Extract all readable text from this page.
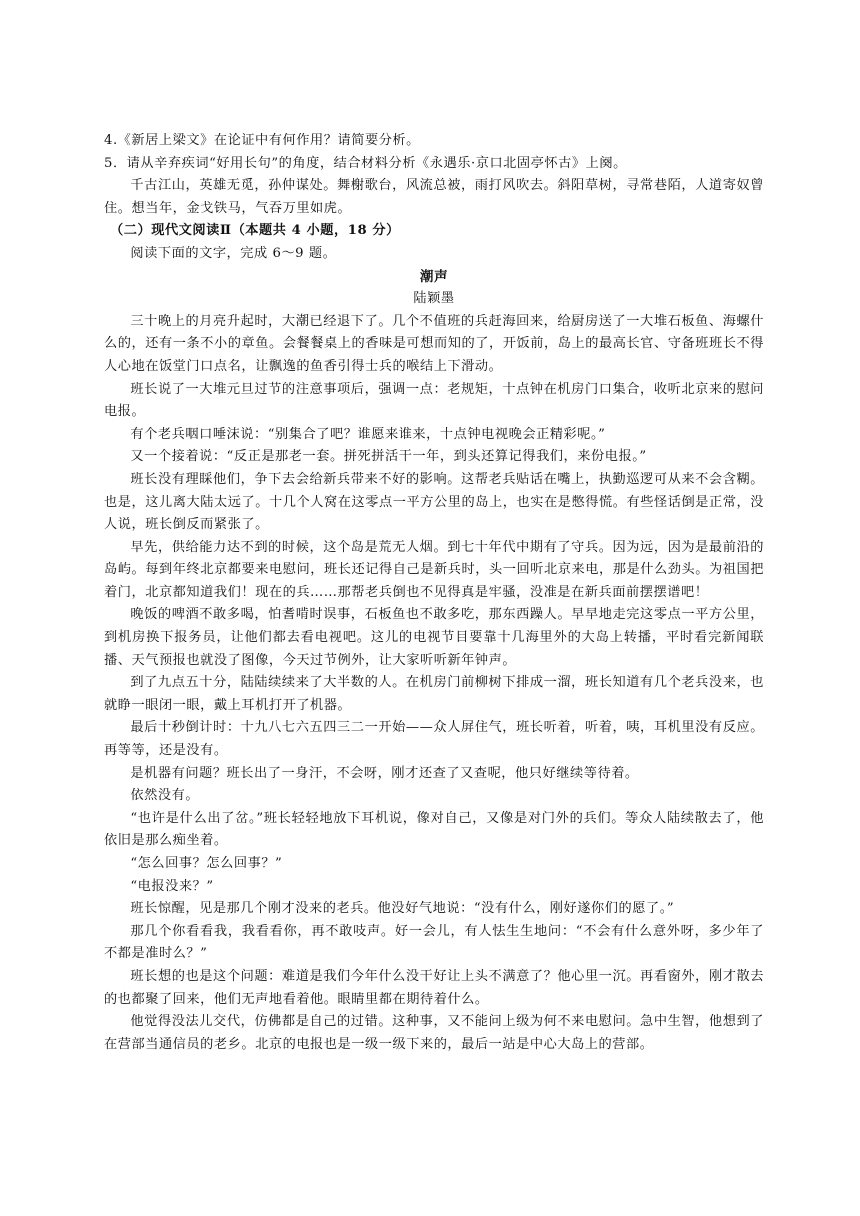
4.《新居上梁文》在论证中有何作用？请简要分析。

5．请从辛弃疾词“好用长句”的角度，结合材料分析《永遇乐·京口北固亭怀古》上阕。

千古江山，英雄无觅，孙仲谋处。舞榭歌台，风流总被，雨打风吹去。斜阳草树，寻常巷陌，人道寄奴曾住。想当年，金戈铁马，气吞万里如虎。

（二）现代文阅读Ⅱ（本题共 4 小题，18 分）

阅读下面的文字，完成 6～9 题。

潮声

陆颖墨

三十晚上的月亮升起时，大潮已经退下了。几个不值班的兵赶海回来，给厨房送了一大堆石板鱼、海螺什么的，还有一条不小的章鱼。会餐餐桌上的香味是可想而知的了，开饭前，岛上的最高长官、守备班班长不得人心地在饭堂门口点名，让飘逸的鱼香引得士兵的喉结上下滑动。

班长说了一大堆元旦过节的注意事项后，强调一点：老规矩，十点钟在机房门口集合，收听北京来的慰问电报。

有个老兵咽口唾沫说：“别集合了吧？谁愿来谁来，十点钟电视晚会正精彩呢。”

又一个接着说：“反正是那老一套。拼死拼活干一年，到头还算记得我们，来份电报。”

班长没有理睬他们，争下去会给新兵带来不好的影响。这帮老兵贴话在嘴上，执勤巡逻可从来不会含糊。也是，这儿离大陆太远了。十几个人窝在这零点一平方公里的岛上，也实在是憋得慌。有些怪话倒是正常，没人说，班长倒反而紧张了。

早先，供给能力达不到的时候，这个岛是荒无人烟。到七十年代中期有了守兵。因为远，因为是最前沿的岛屿。每到年终北京都要来电慰问，班长还记得自己是新兵时，头一回听北京来电，那是什么劲头。为祖国把着门，北京都知道我们！现在的兵……那帮老兵倒也不见得真是牢骚，没准是在新兵面前摆摆谱吧！

晚饭的啤酒不敢多喝，怕耆啃时误事，石板鱼也不敢多吃，那东西躁人。早早地走完这零点一平方公里，到机房换下报务员，让他们都去看电视吧。这儿的电视节目要靠十几海里外的大岛上转播，平时看完新闻联播、天气预报也就没了图像，今天过节例外，让大家听听新年钟声。

到了九点五十分，陆陆续续来了大半数的人。在机房门前柳树下排成一溜，班长知道有几个老兵没来，也就睁一眼闭一眼，戴上耳机打开了机器。

最后十秒倒计时：十九八七六五四三二一开始——众人屏住气，班长听着，听着，咦，耳机里没有反应。再等等，还是没有。

是机器有问题？班长出了一身汗，不会呀，刚才还查了又查呢，他只好继续等待着。

依然没有。

“也许是什么出了岔。”班长轻轻地放下耳机说，像对自己，又像是对门外的兵们。等众人陆续散去了，他依旧是那么痴坐着。

“怎么回事？怎么回事？”

“电报没来？”

班长惊醒，见是那几个刚才没来的老兵。他没好气地说：“没有什么，刚好遂你们的愿了。”

那几个你看看我，我看看你，再不敢吱声。好一会儿，有人怯生生地问：“不会有什么意外呀，多少年了不都是准时么？”

班长想的也是这个问题：难道是我们今年什么没干好让上头不满意了？他心里一沉。再看窗外，刚才散去的也都聚了回来，他们无声地看着他。眼睛里都在期待着什么。

他觉得没法儿交代，仿佛都是自己的过错。这种事，又不能问上级为何不来电慰问。急中生智，他想到了在营部当通信员的老乡。北京的电报也是一级一级下来的，最后一站是中心大岛上的营部。
